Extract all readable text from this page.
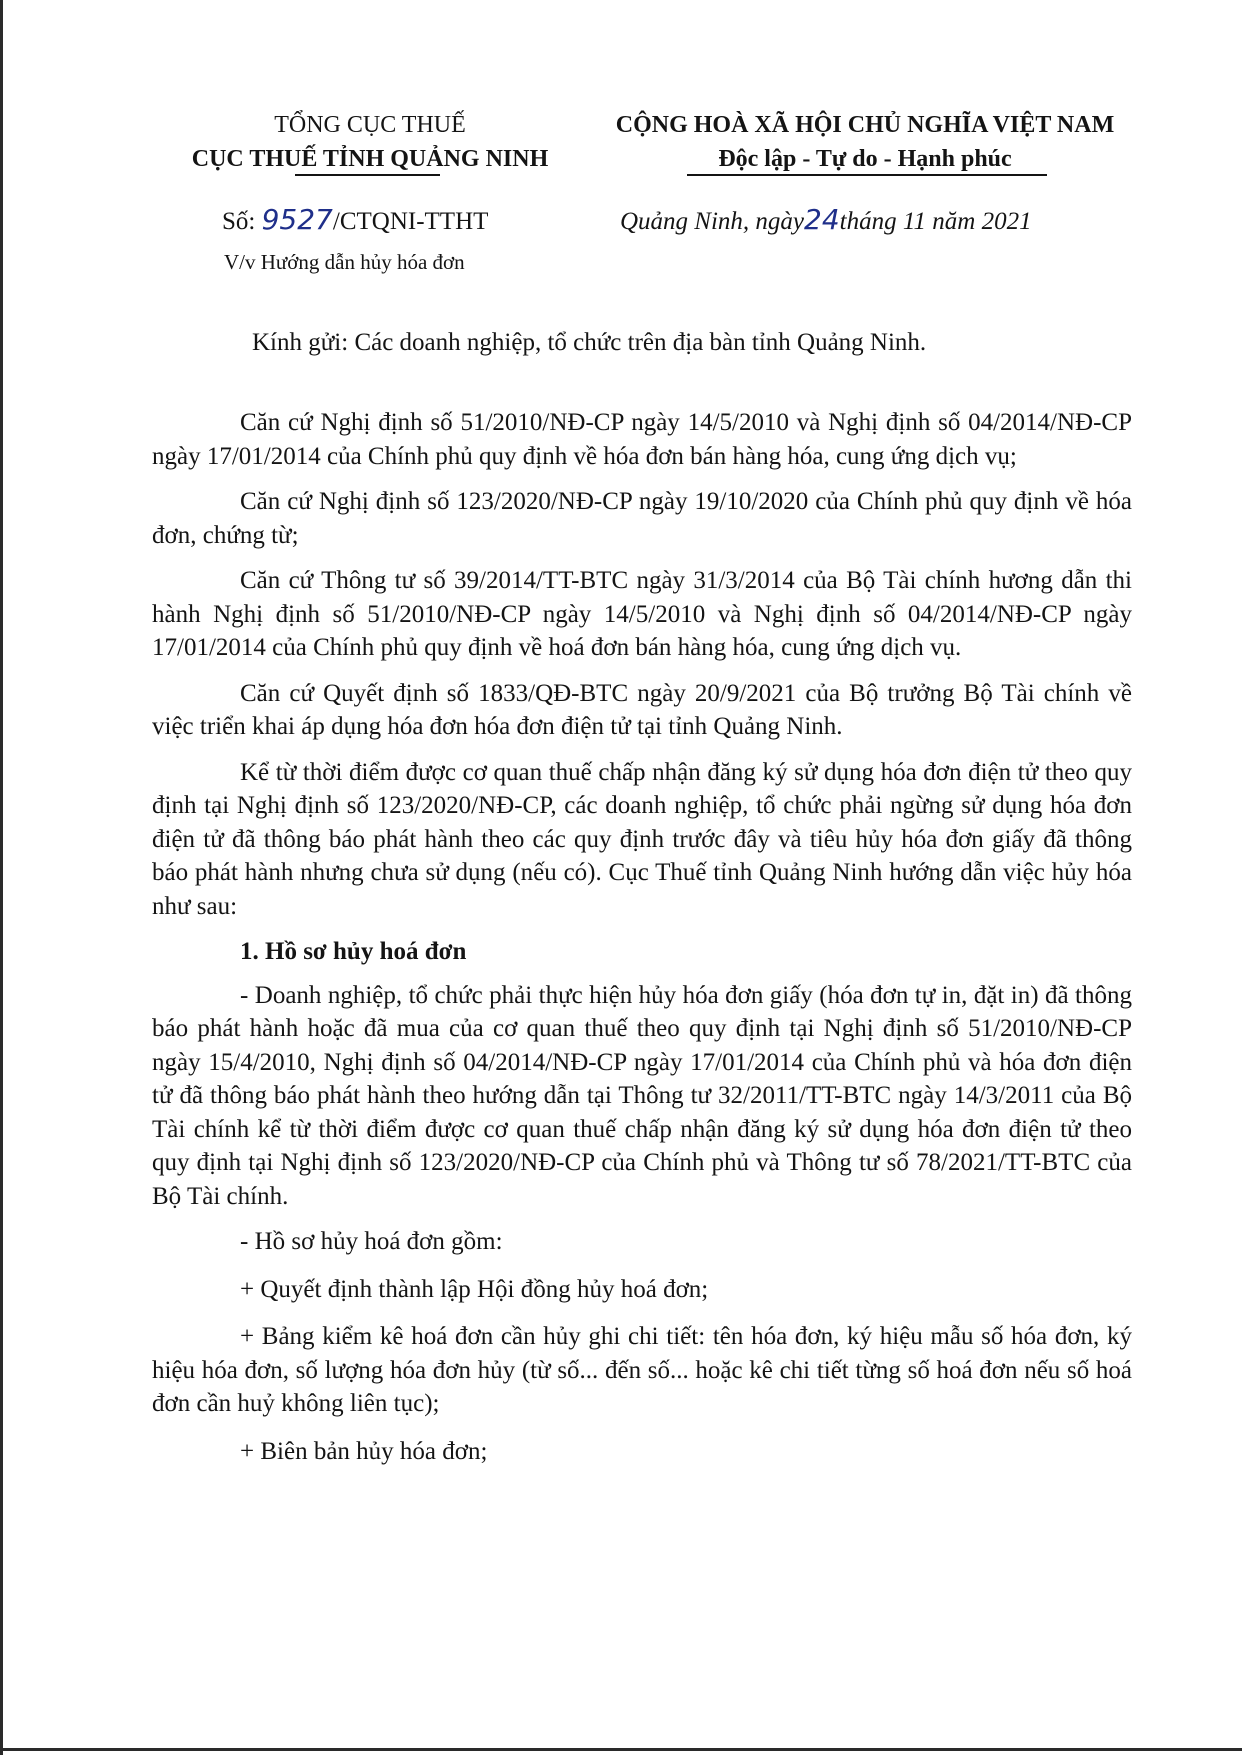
TỔNG CỤC THUẾ
CỤC THUẾ TỈNH QUẢNG NINH
CỘNG HOÀ XÃ HỘI CHỦ NGHĨA VIỆT NAM
Độc lập - Tự do - Hạnh phúc
Số: 9527/CTQNI-TTHT
V/v Hướng dẫn hủy hóa đơn
Quảng Ninh, ngày24tháng 11 năm 2021
Kính gửi: Các doanh nghiệp, tổ chức trên địa bàn tỉnh Quảng Ninh.

Căn cứ Nghị định số 51/2010/NĐ-CP ngày 14/5/2010 và Nghị định số 04/2014/NĐ-CP ngày 17/01/2014 của Chính phủ quy định về hóa đơn bán hàng hóa, cung ứng dịch vụ;

Căn cứ Nghị định số 123/2020/NĐ-CP ngày 19/10/2020 của Chính phủ quy định về hóa đơn, chứng từ;

Căn cứ Thông tư số 39/2014/TT-BTC ngày 31/3/2014 của Bộ Tài chính hương dẫn thi hành Nghị định số 51/2010/NĐ-CP ngày 14/5/2010 và Nghị định số 04/2014/NĐ-CP ngày 17/01/2014 của Chính phủ quy định về hoá đơn bán hàng hóa, cung ứng dịch vụ.

Căn cứ Quyết định số 1833/QĐ-BTC ngày 20/9/2021 của Bộ trưởng Bộ Tài chính về việc triển khai áp dụng hóa đơn hóa đơn điện tử tại tỉnh Quảng Ninh.

Kể từ thời điểm được cơ quan thuế chấp nhận đăng ký sử dụng hóa đơn điện tử theo quy định tại Nghị định số 123/2020/NĐ-CP, các doanh nghiệp, tổ chức phải ngừng sử dụng hóa đơn điện tử đã thông báo phát hành theo các quy định trước đây và tiêu hủy hóa đơn giấy đã thông báo phát hành nhưng chưa sử dụng (nếu có). Cục Thuế tỉnh Quảng Ninh hướng dẫn việc hủy hóa như sau:

1. Hồ sơ hủy hoá đơn

- Doanh nghiệp, tổ chức phải thực hiện hủy hóa đơn giấy (hóa đơn tự in, đặt in) đã thông báo phát hành hoặc đã mua của cơ quan thuế theo quy định tại Nghị định số 51/2010/NĐ-CP ngày 15/4/2010, Nghị định số 04/2014/NĐ-CP ngày 17/01/2014 của Chính phủ và hóa đơn điện tử đã thông báo phát hành theo hướng dẫn tại Thông tư 32/2011/TT-BTC ngày 14/3/2011 của Bộ Tài chính kể từ thời điểm được cơ quan thuế chấp nhận đăng ký sử dụng hóa đơn điện tử theo quy định tại Nghị định số 123/2020/NĐ-CP của Chính phủ và Thông tư số 78/2021/TT-BTC của Bộ Tài chính.

- Hồ sơ hủy hoá đơn gồm:

+ Quyết định thành lập Hội đồng hủy hoá đơn;

+ Bảng kiểm kê hoá đơn cần hủy ghi chi tiết: tên hóa đơn, ký hiệu mẫu số hóa đơn, ký hiệu hóa đơn, số lượng hóa đơn hủy (từ số... đến số... hoặc kê chi tiết từng số hoá đơn nếu số hoá đơn cần huỷ không liên tục);

+ Biên bản hủy hóa đơn;
